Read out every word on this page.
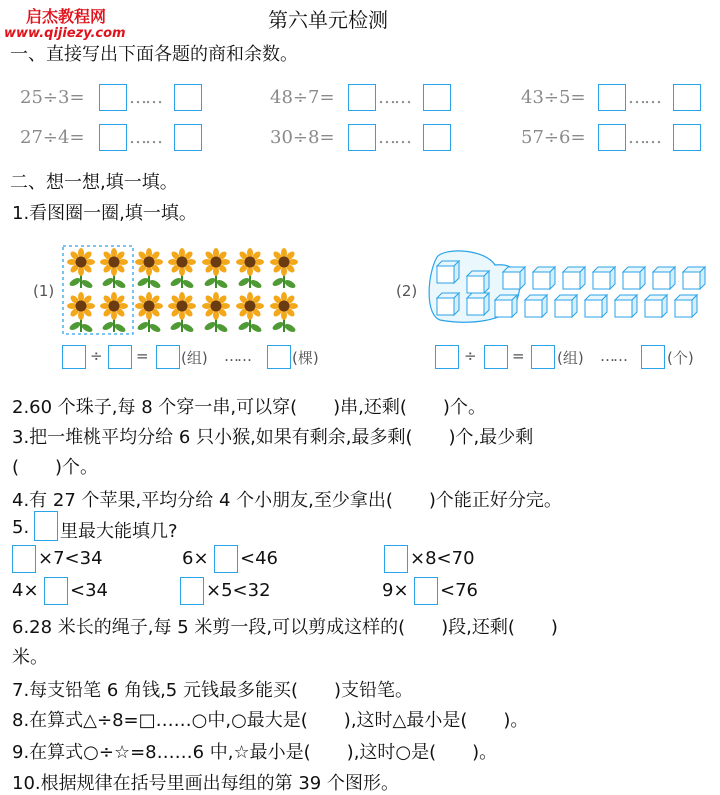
启杰教程网
www.qijiezy.com
第六单元检测
一、直接写出下面各题的商和余数。
25÷3= ……	48÷7= ……	43÷5= ……
27÷4= ……	30÷8= ……	57÷6= ……
二、想一想,填一填。
1.看图圈一圈,填一填。
(1)	(2)
÷ = (组) ……	(棵)	÷ = (组) ……	(个)
2.60 个珠子,每 8 个穿一串,可以穿(　　)串,还剩(　　)个。
3.把一堆桃平均分给 6 只小猴,如果有剩余,最多剩(　　)个,最少剩
(　　)个。
4.有 27 个苹果,平均分给 4 个小朋友,至少拿出(　　)个能正好分完。
5. 里最大能填几?
×7<34	6× <46	×8<70
4× <34	×5<32	9× <76
6.28 米长的绳子,每 5 米剪一段,可以剪成这样的(　　)段,还剩(　　)
米。
7.每支铅笔 6 角钱,5 元钱最多能买(　　)支铅笔。
8.在算式△÷8=□……○中,○最大是(　　),这时△最小是(　　)。
9.在算式○÷☆=8……6 中,☆最小是(　　),这时○是(　　)。
10.根据规律在括号里画出每组的第 39 个图形。
